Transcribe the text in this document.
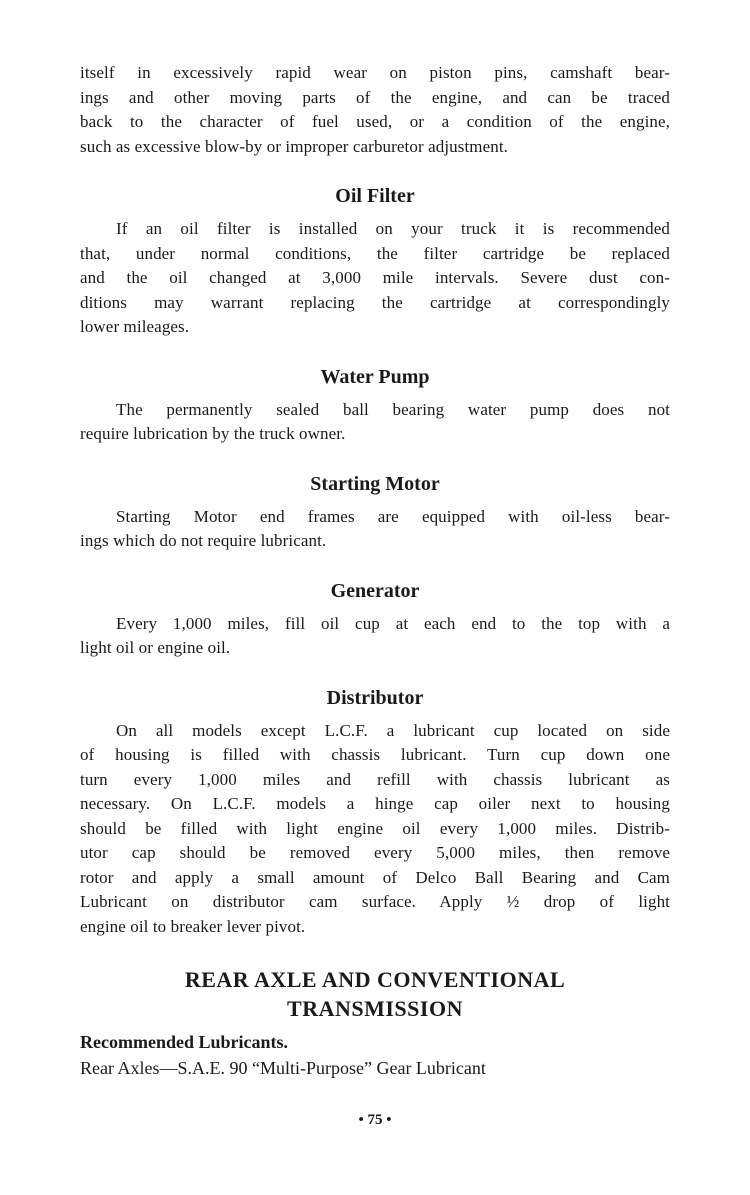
itself in excessively rapid wear on piston pins, camshaft bear-
ings and other moving parts of the engine, and can be traced
back to the character of fuel used, or a condition of the engine,
such as excessive blow-by or improper carburetor adjustment.
Oil Filter
If an oil filter is installed on your truck it is recommended
that, under normal conditions, the filter cartridge be replaced
and the oil changed at 3,000 mile intervals. Severe dust con-
ditions may warrant replacing the cartridge at correspondingly
lower mileages.
Water Pump
The permanently sealed ball bearing water pump does not
require lubrication by the truck owner.
Starting Motor
Starting Motor end frames are equipped with oil-less bear-
ings which do not require lubricant.
Generator
Every 1,000 miles, fill oil cup at each end to the top with a
light oil or engine oil.
Distributor
On all models except L.C.F. a lubricant cup located on side
of housing is filled with chassis lubricant. Turn cup down one
turn every 1,000 miles and refill with chassis lubricant as
necessary. On L.C.F. models a hinge cap oiler next to housing
should be filled with light engine oil every 1,000 miles. Distrib-
utor cap should be removed every 5,000 miles, then remove
rotor and apply a small amount of Delco Ball Bearing and Cam
Lubricant on distributor cam surface. Apply ½ drop of light
engine oil to breaker lever pivot.
REAR AXLE AND CONVENTIONAL
TRANSMISSION
Recommended Lubricants.
Rear Axles—S.A.E. 90 “Multi-Purpose” Gear Lubricant
• 75 •
